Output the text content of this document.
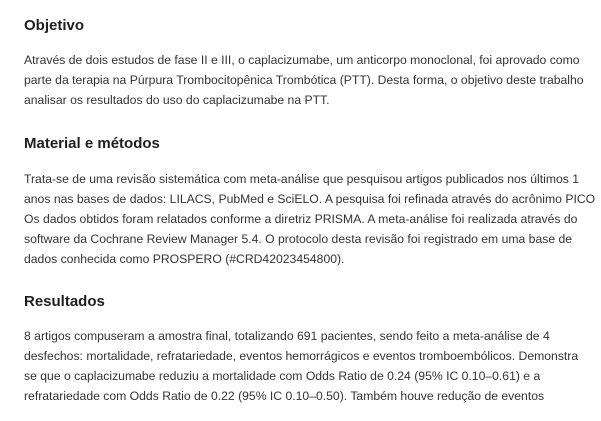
Objetivo

Através de dois estudos de fase II e III, o caplacizumabe, um anticorpo monoclonal, foi aprovado como
parte da terapia na Púrpura Trombocitopênica Trombótica (PTT). Desta forma, o objetivo deste trabalho
analisar os resultados do uso do caplacizumabe na PTT.

Material e métodos

Trata-se de uma revisão sistemática com meta-análise que pesquisou artigos publicados nos últimos 1
anos nas bases de dados: LILACS, PubMed e SciELO. A pesquisa foi refinada através do acrônimo PICO
Os dados obtidos foram relatados conforme a diretriz PRISMA. A meta-análise foi realizada através do
software da Cochrane Review Manager 5.4. O protocolo desta revisão foi registrado em uma base de
dados conhecida como PROSPERO (#CRD42023454800).

Resultados

8 artigos compuseram a amostra final, totalizando 691 pacientes, sendo feito a meta-análise de 4
desfechos: mortalidade, refratariedade, eventos hemorrágicos e eventos tromboembólicos. Demonstra
se que o caplacizumabe reduziu a mortalidade com Odds Ratio de 0.24 (95% IC 0.10–0.61) e a
refratariedade com Odds Ratio de 0.22 (95% IC 0.10–0.50). Também houve redução de eventos
